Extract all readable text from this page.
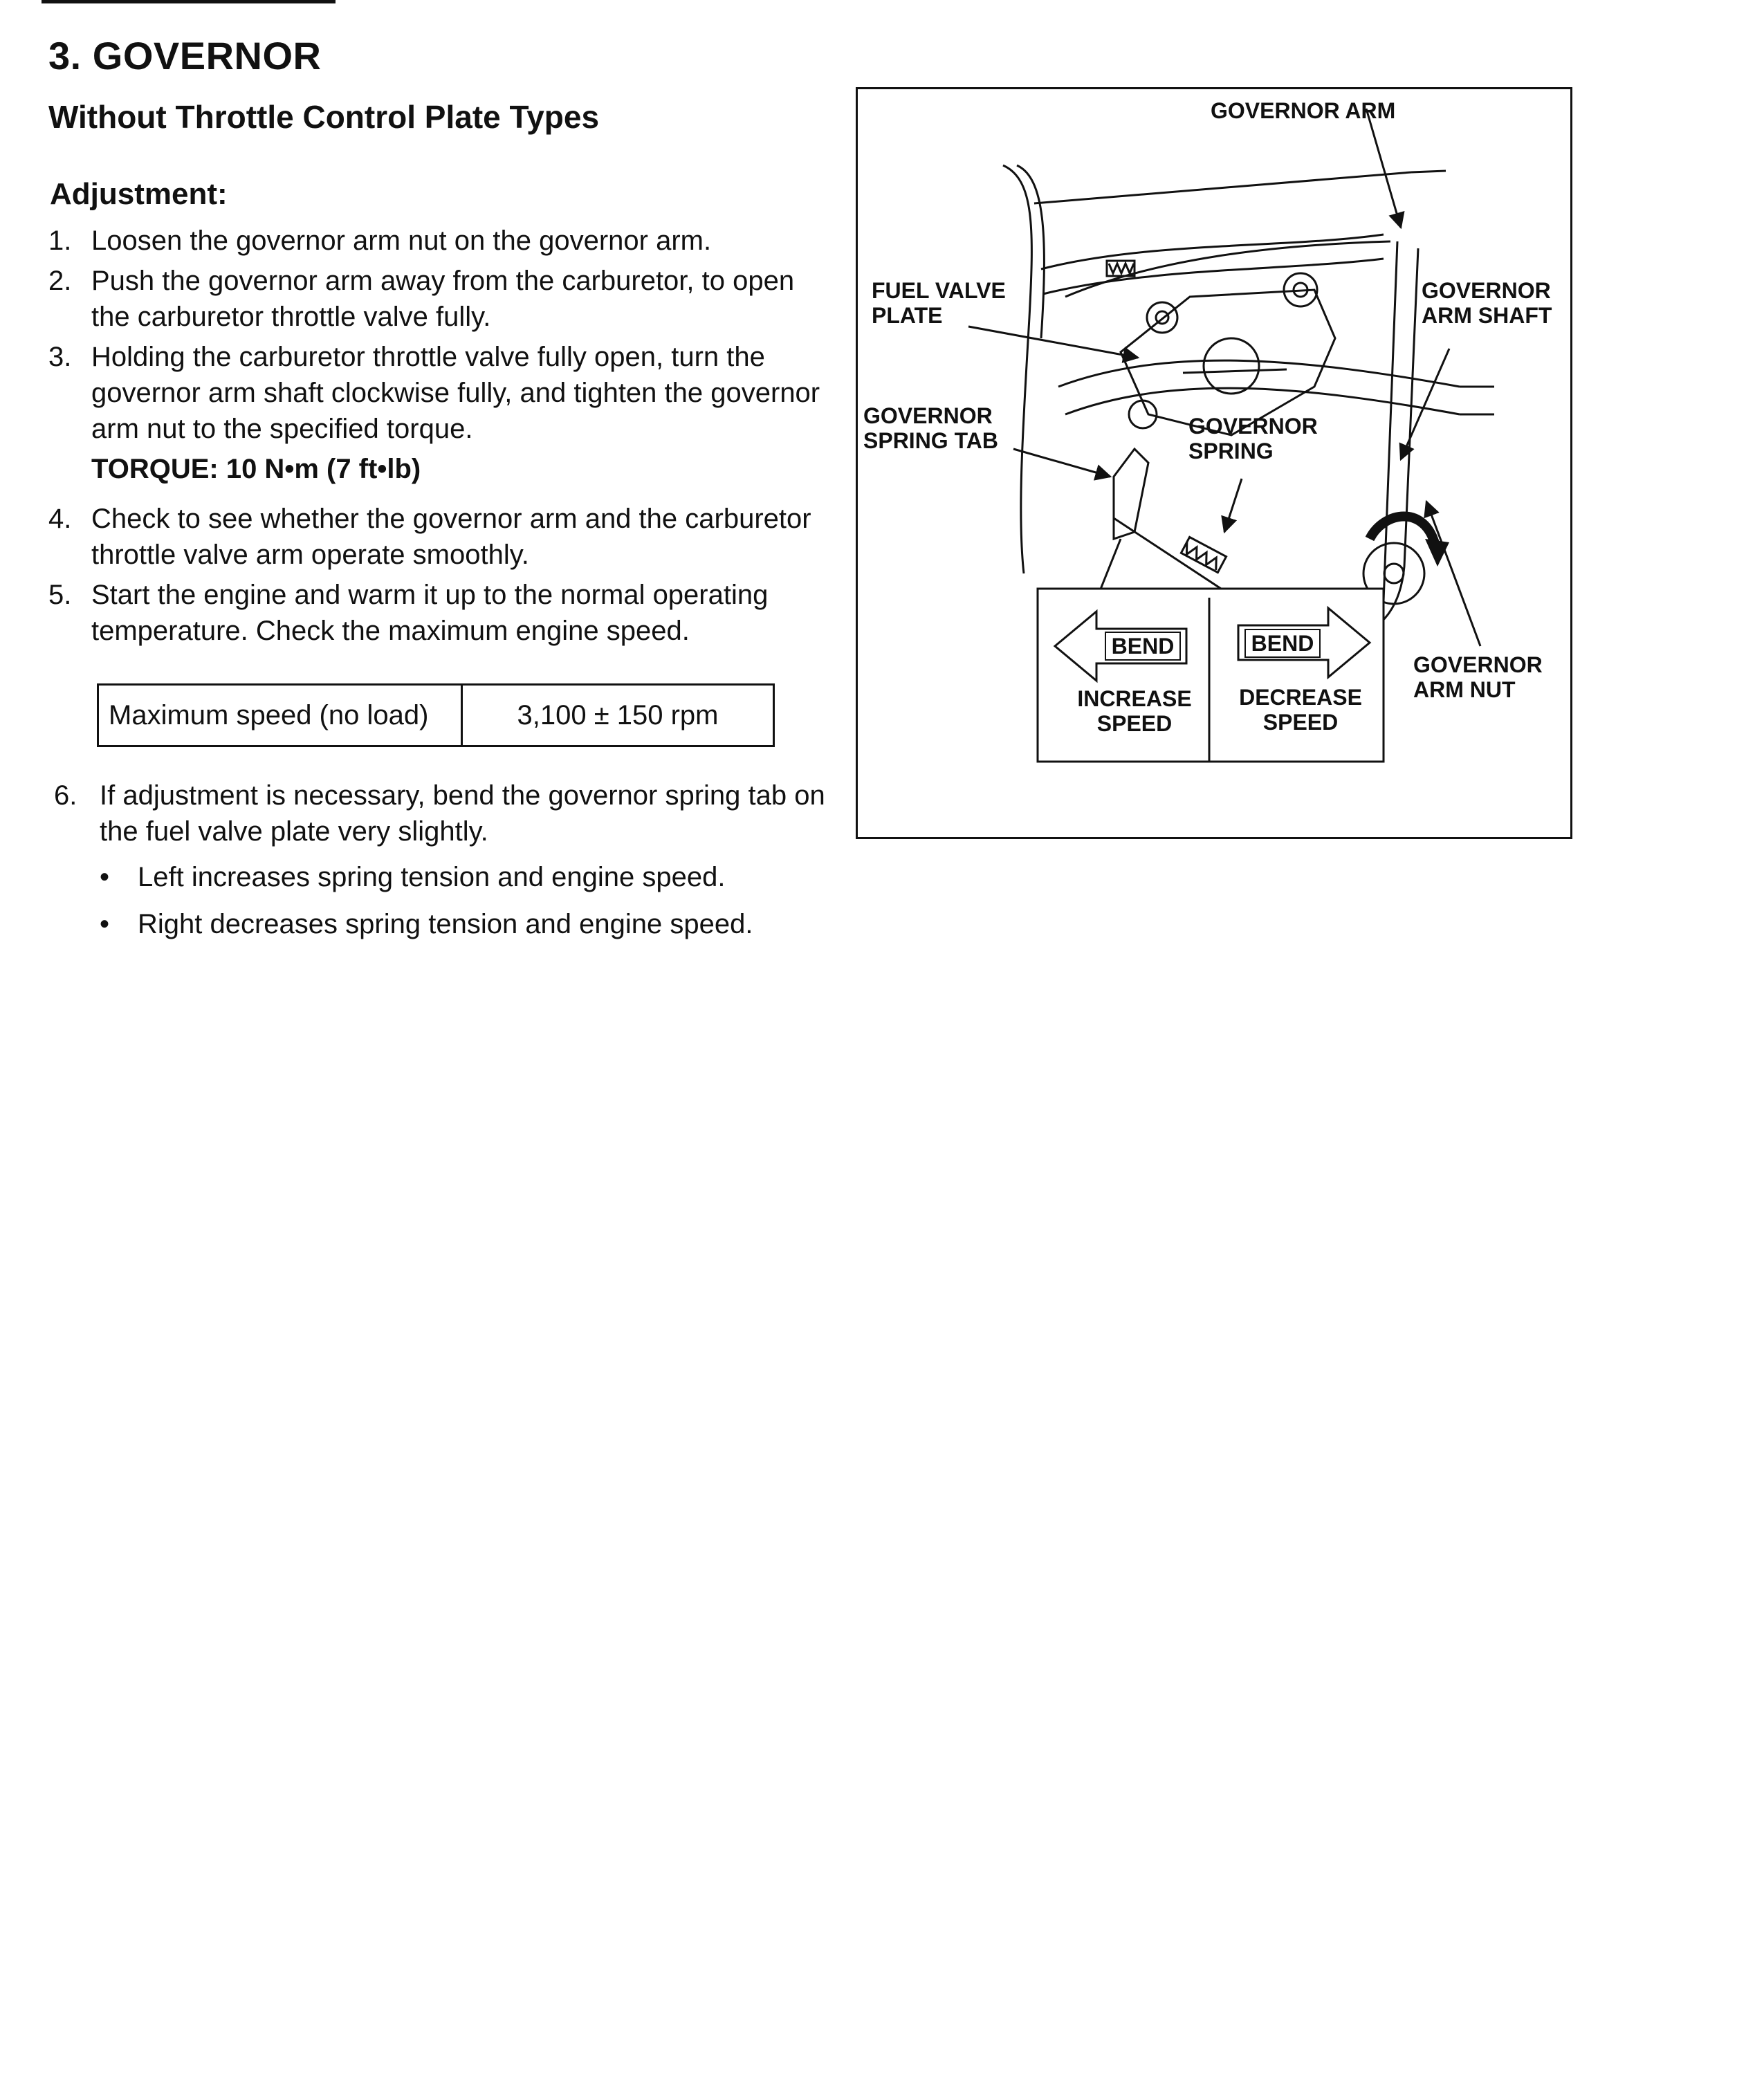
3. GOVERNOR
Without Throttle Control Plate Types
Adjustment:
1. Loosen the governor arm nut on the governor arm.
2. Push the governor arm away from the carburetor, to open the carburetor throttle valve fully.
3. Holding the carburetor throttle valve fully open, turn the governor arm shaft clockwise fully, and tighten the governor arm nut to the specified torque.
TORQUE: 10 N•m (7 ft•lb)
4. Check to see whether the governor arm and the carburetor throttle valve arm operate smoothly.
5. Start the engine and warm it up to the normal operating temperature. Check the maximum engine speed.
Maximum speed (no load)	3,100 ± 150 rpm
6. If adjustment is necessary, bend the governor spring tab on the fuel valve plate very slightly.
•	Left increases spring tension and engine speed.
•	Right decreases spring tension and engine speed.
BEND	BEND
INCREASE
SPEED
DECREASE
SPEED
GOVERNOR ARM
FUEL VALVE
PLATE
GOVERNOR
ARM SHAFT
GOVERNOR
SPRING TAB
GOVERNOR
SPRING
GOVERNOR
ARM NUT
